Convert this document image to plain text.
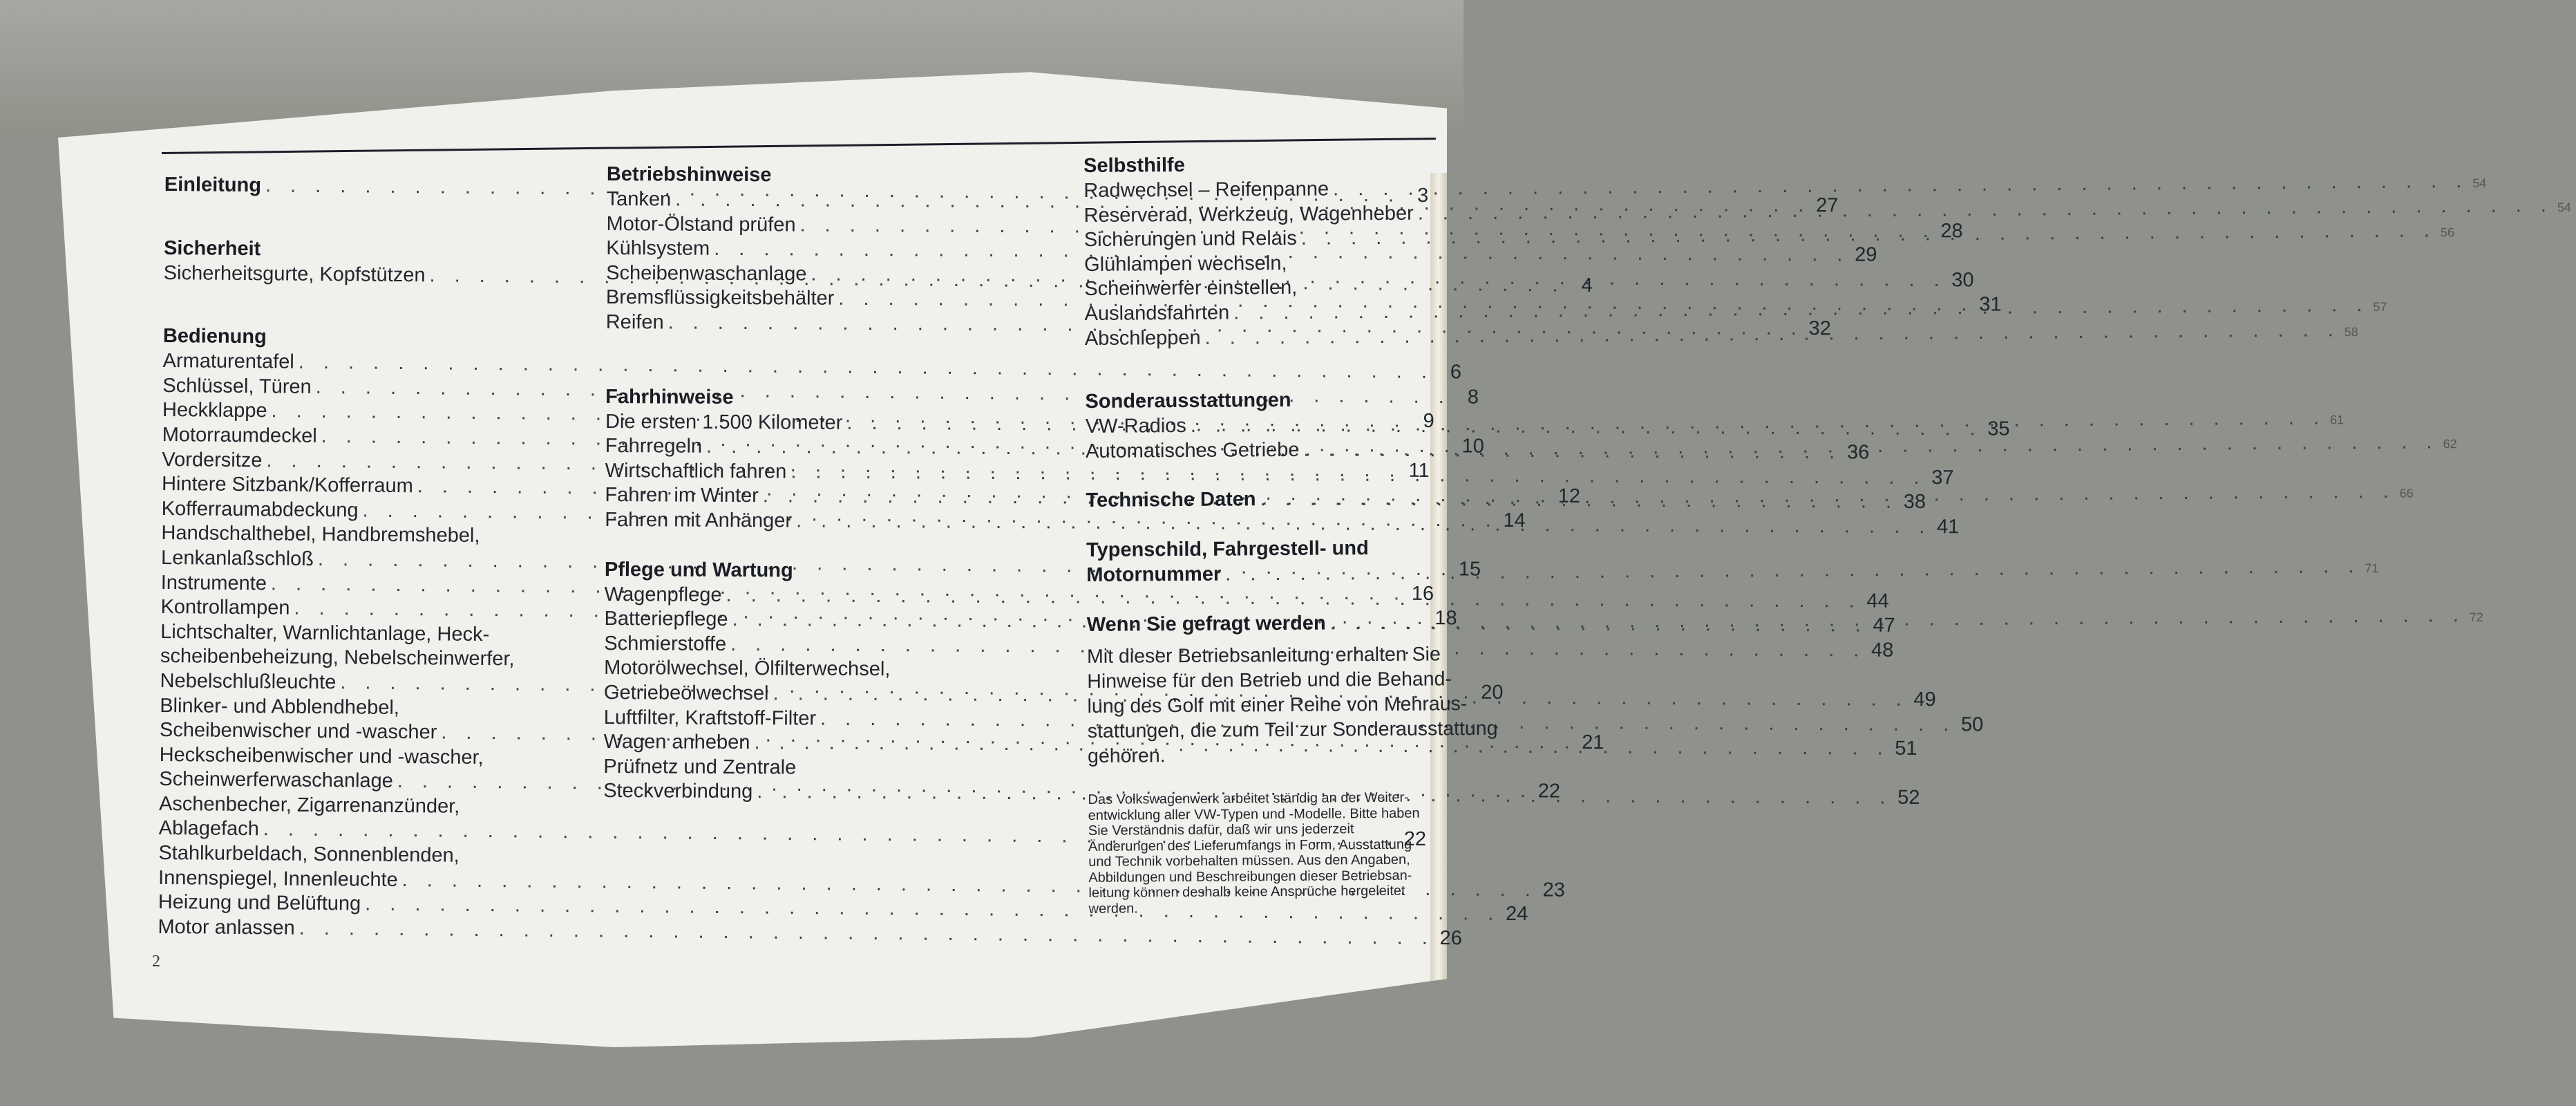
Einleitung . . .	3
Sicherheit
Sicherheitsgurte, Kopfstützen . . .	4
Bedienung
Armaturentafel . . .	6
Schlüssel, Türen . . .	8
Heckklappe . . .	9
Motorraumdeckel . . .	10
Vordersitze . . .	11
Hintere Sitzbank/Kofferraum . . .	12
Kofferraumabdeckung . . .	14
Handschalthebel, Handbremshebel,
Lenkanlaßschloß . . .	15
Instrumente . . .	16
Kontrollampen . . .	18
Lichtschalter, Warnlichtanlage, Heck-
scheibenbeheizung, Nebelscheinwerfer,
Nebelschlußleuchte . . .	20
Blinker- und Abblendhebel,
Scheibenwischer und -wascher . . .	21
Heckscheibenwischer und -wascher,
Scheinwerferwaschanlage . . .	22
Aschenbecher, Zigarrenanzünder,
Ablagefach . . .	22
Stahlkurbeldach, Sonnenblenden,
Innenspiegel, Innenleuchte . . .	23
Heizung und Belüftung . . .	24
Motor anlassen . . .	26
Betriebshinweise
Tanken . . .	27
Motor-Ölstand prüfen . . .	28
Kühlsystem . . .	29
Scheibenwaschanlage . . .	30
Bremsflüssigkeitsbehälter . . .	31
Reifen . . .	32
Fahrhinweise
Die ersten 1.500 Kilometer . . .	35
Fahrregeln . . .	36
Wirtschaftlich fahren . . .	37
Fahren im Winter . . .	38
Fahren mit Anhänger . . .	41
Pflege und Wartung
Wagenpflege . . .	44
Batteriepflege . . .	47
Schmierstoffe . . .	48
Motorölwechsel, Ölfilterwechsel,
Getriebeölwechsel . . .	49
Luftfilter, Kraftstoff-Filter . . .	50
Wagen anheben . . .	51
Prüfnetz und Zentrale
Steckverbindung . . .	52
Selbsthilfe
Radwechsel – Reifenpanne . . .	54
Reserverad, Werkzeug, Wagenheber . . .	54
Sicherungen und Relais . . .	56
Glühlampen wechseln,
Scheinwerfer einstellen,
Auslandsfahrten . . .	57
Abschleppen . . .	58
Sonderausstattungen
VW-Radios . . .	61
Automatisches Getriebe . . .	62
Technische Daten . . .	66
Typenschild, Fahrgestell- und
Motornummer . . .	71
Wenn Sie gefragt werden . . .	72
Mit dieser Betriebsanleitung erhalten Sie
Hinweise für den Betrieb und die Behand-
lung des Golf mit einer Reihe von Mehraus-
stattungen, die zum Teil zur Sonderausstattung
gehören.
Das Volkswagenwerk arbeitet ständig an der Weiter-
entwicklung aller VW-Typen und -Modelle. Bitte haben
Sie Verständnis dafür, daß wir uns jederzeit
Änderungen des Lieferumfangs in Form, Ausstattung
und Technik vorbehalten müssen. Aus den Angaben,
Abbildungen und Beschreibungen dieser Betriebsan-
leitung können deshalb keine Ansprüche hergeleitet
werden.
2
